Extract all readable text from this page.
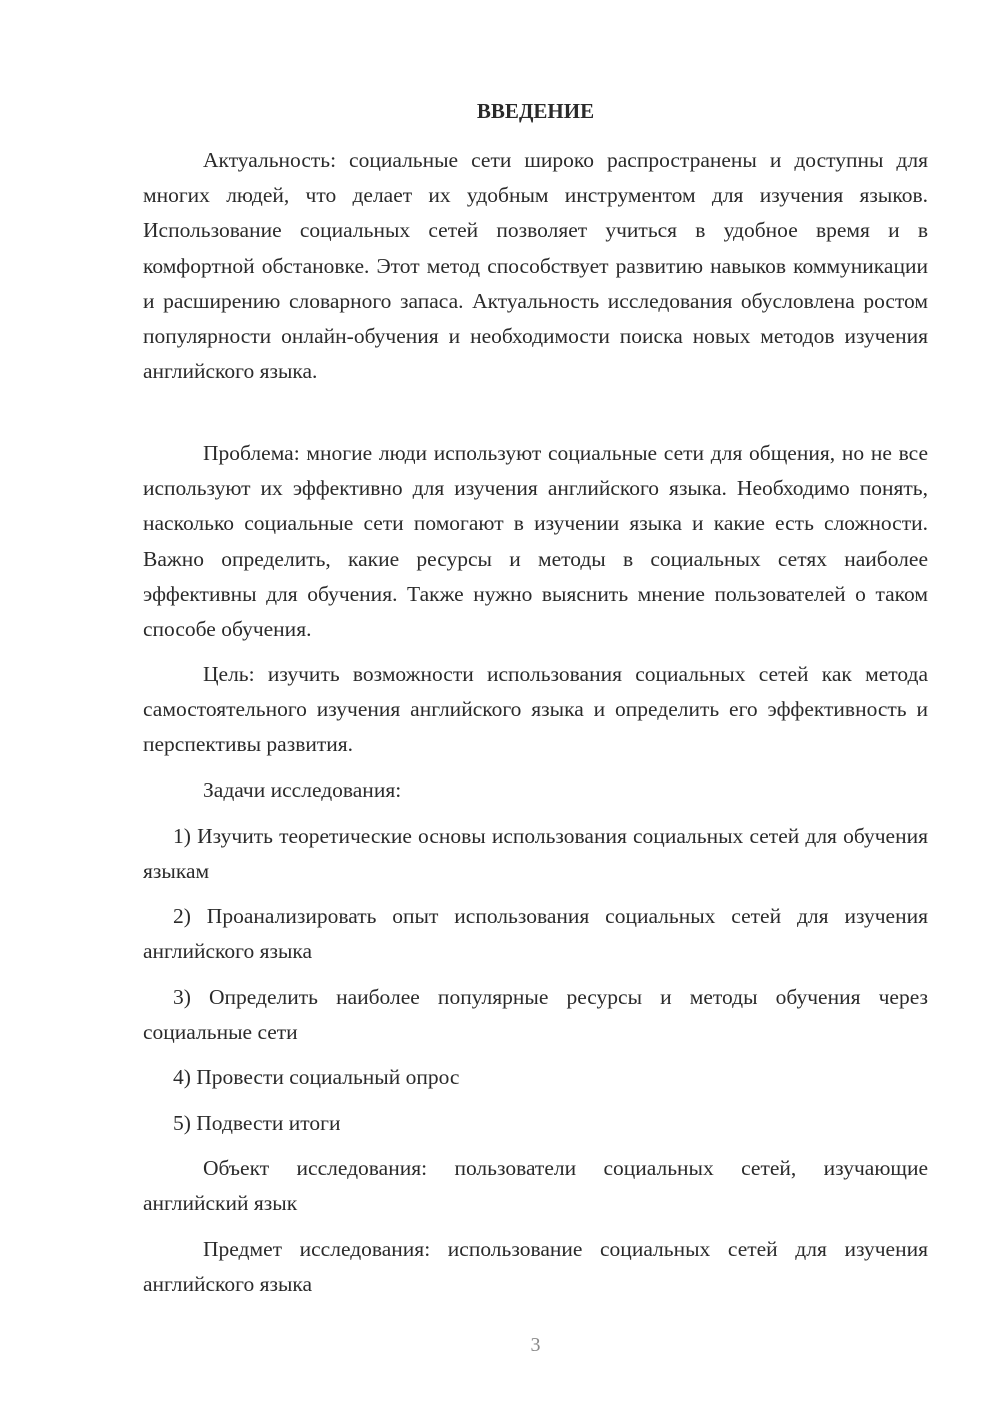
ВВЕДЕНИЕ

Актуальность: социальные сети широко распространены и доступны для многих людей, что делает их удобным инструментом для изучения языков. Использование социальных сетей позволяет учиться в удобное время и в комфортной обстановке. Этот метод способствует развитию навыков коммуникации и расширению словарного запаса. Актуальность исследования обусловлена ростом популярности онлайн-обучения и необходимости поиска новых методов изучения английского языка.

Проблема: многие люди используют социальные сети для общения, но не все используют их эффективно для изучения английского языка. Необходимо понять, насколько социальные сети помогают в изучении языка и какие есть сложности. Важно определить, какие ресурсы и методы в социальных сетях наиболее эффективны для обучения. Также нужно выяснить мнение пользователей о таком способе обучения.

Цель: изучить возможности использования социальных сетей как метода самостоятельного изучения английского языка и определить его эффективность и перспективы развития.

Задачи исследования:

1) Изучить теоретические основы использования социальных сетей для обучения языкам

2) Проанализировать опыт использования социальных сетей для изучения английского языка

3) Определить наиболее популярные ресурсы и методы обучения через социальные сети

4) Провести социальный опрос

5) Подвести итоги

Объект исследования: пользователи социальных сетей, изучающие английский язык

Предмет исследования: использование социальных сетей для изучения английского языка

3
